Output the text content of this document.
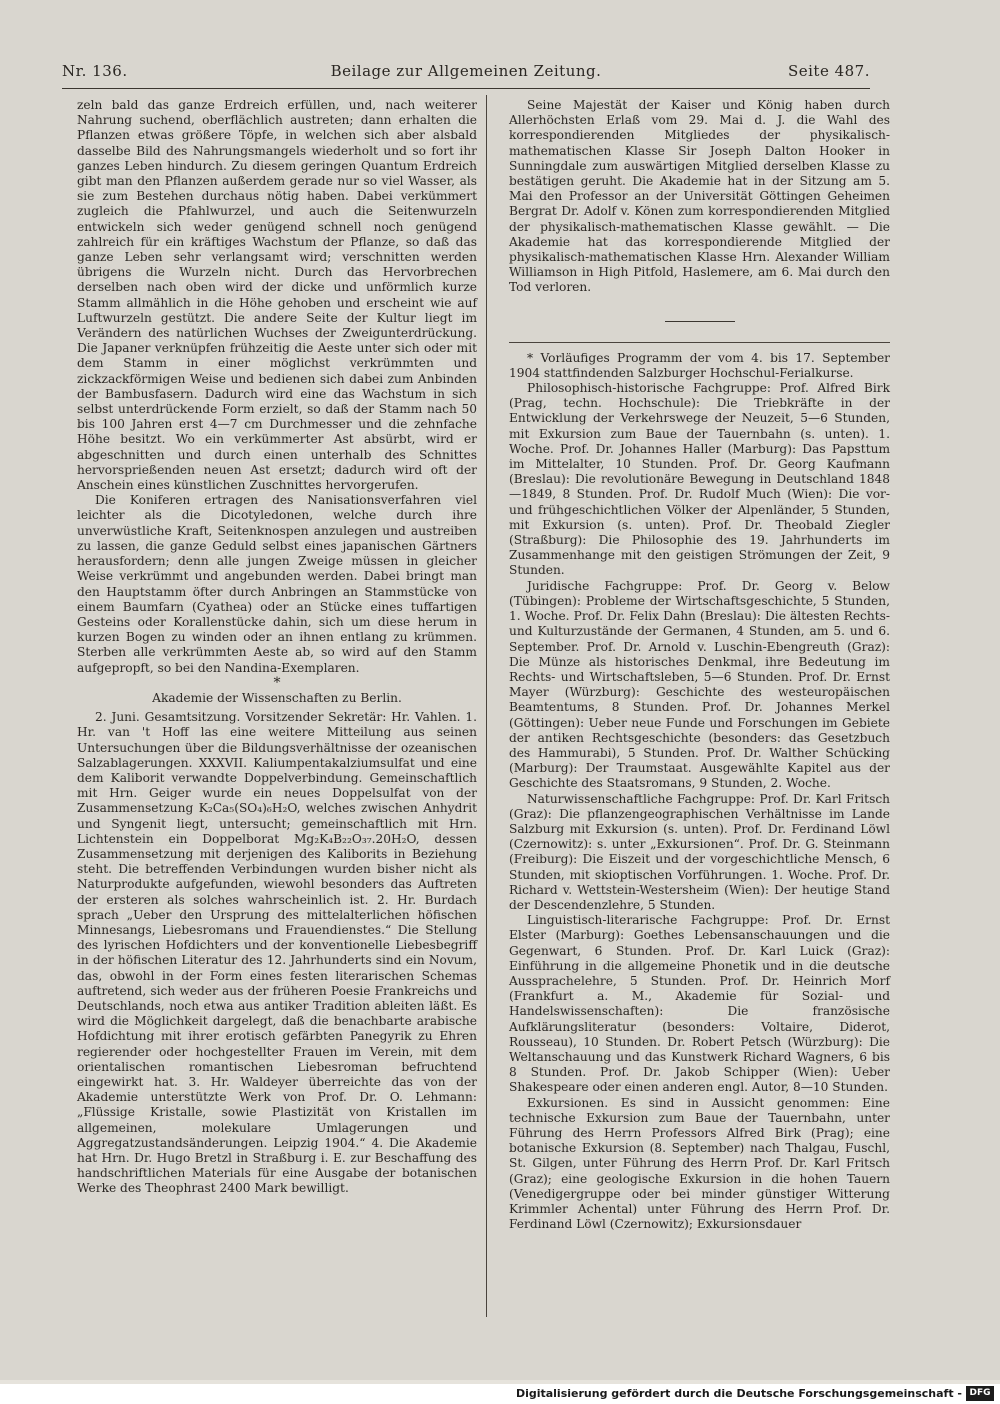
Nr. 136.	Beilage zur Allgemeinen Zeitung.	Seite 487.

zeln bald das ganze Erdreich erfüllen, und, nach weiterer Nahrung suchend, oberflächlich austreten; dann erhalten die Pflanzen etwas größere Töpfe, in welchen sich aber alsbald dasselbe Bild des Nahrungsmangels wiederholt und so fort ihr ganzes Leben hindurch. Zu diesem geringen Quantum Erdreich gibt man den Pflanzen außerdem gerade nur so viel Wasser, als sie zum Bestehen durchaus nötig haben. Dabei verkümmert zugleich die Pfahlwurzel, und auch die Seitenwurzeln entwickeln sich weder genügend schnell noch genügend zahlreich für ein kräftiges Wachstum der Pflanze, so daß das ganze Leben sehr verlangsamt wird; verschnitten werden übrigens die Wurzeln nicht. Durch das Hervorbrechen derselben nach oben wird der dicke und unförmlich kurze Stamm allmählich in die Höhe gehoben und erscheint wie auf Luftwurzeln gestützt. Die andere Seite der Kultur liegt im Verändern des natürlichen Wuchses der Zweigunterdrückung. Die Japaner verknüpfen frühzeitig die Aeste unter sich oder mit dem Stamm in einer möglichst verkrümmten und zickzackförmigen Weise und bedienen sich dabei zum Anbinden der Bambusfasern. Dadurch wird eine das Wachstum in sich selbst unterdrückende Form erzielt, so daß der Stamm nach 50 bis 100 Jahren erst 4—7 cm Durchmesser und die zehnfache Höhe besitzt. Wo ein verkümmerter Ast absürbt, wird er abgeschnitten und durch einen unterhalb des Schnittes hervorsprießenden neuen Ast ersetzt; dadurch wird oft der Anschein eines künstlichen Zuschnittes hervorgerufen.

Die Koniferen ertragen des Nanisationsverfahren viel leichter als die Dicotyledonen, welche durch ihre unverwüstliche Kraft, Seitenknospen anzulegen und austreiben zu lassen, die ganze Geduld selbst eines japanischen Gärtners herausfordern; denn alle jungen Zweige müssen in gleicher Weise verkrümmt und angebunden werden. Dabei bringt man den Hauptstamm öfter durch Anbringen an Stammstücke von einem Baumfarn (Cyathea) oder an Stücke eines tuffartigen Gesteins oder Korallenstücke dahin, sich um diese herum in kurzen Bogen zu winden oder an ihnen entlang zu krümmen. Sterben alle verkrümmten Aeste ab, so wird auf den Stamm aufgepropft, so bei den Nandina-Exemplaren.

*

Akademie der Wissenschaften zu Berlin.

2. Juni. Gesamtsitzung. Vorsitzender Sekretär: Hr. Vahlen. 1. Hr. van 't Hoff las eine weitere Mitteilung aus seinen Untersuchungen über die Bildungsverhältnisse der ozeanischen Salzablagerungen. XXXVII. Kaliumpentakalziumsulfat und eine dem Kaliborit verwandte Doppelverbindung. Gemeinschaftlich mit Hrn. Geiger wurde ein neues Doppelsulfat von der Zusammensetzung K₂Ca₅(SO₄)₆H₂O, welches zwischen Anhydrit und Syngenit liegt, untersucht; gemeinschaftlich mit Hrn. Lichtenstein ein Doppelborat Mg₂K₄B₂₂O₃₇.20H₂O, dessen Zusammensetzung mit derjenigen des Kaliborits in Beziehung steht. Die betreffenden Verbindungen wurden bisher nicht als Naturprodukte aufgefunden, wiewohl besonders das Auftreten der ersteren als solches wahrscheinlich ist. 2. Hr. Burdach sprach „Ueber den Ursprung des mittelalterlichen höfischen Minnesangs, Liebesromans und Frauendienstes.“ Die Stellung des lyrischen Hofdichters und der konventionelle Liebesbegriff in der höfischen Literatur des 12. Jahrhunderts sind ein Novum, das, obwohl in der Form eines festen literarischen Schemas auftretend, sich weder aus der früheren Poesie Frankreichs und Deutschlands, noch etwa aus antiker Tradition ableiten läßt. Es wird die Möglichkeit dargelegt, daß die benachbarte arabische Hofdichtung mit ihrer erotisch gefärbten Panegyrik zu Ehren regierender oder hochgestellter Frauen im Verein, mit dem orientalischen romantischen Liebesroman befruchtend eingewirkt hat. 3. Hr. Waldeyer überreichte das von der Akademie unterstützte Werk von Prof. Dr. O. Lehmann: „Flüssige Kristalle, sowie Plastizität von Kristallen im allgemeinen, molekulare Umlagerungen und Aggregatzustandsänderungen. Leipzig 1904.“ 4. Die Akademie hat Hrn. Dr. Hugo Bretzl in Straßburg i. E. zur Beschaffung des handschriftlichen Materials für eine Ausgabe der botanischen Werke des Theophrast 2400 Mark bewilligt.

Seine Majestät der Kaiser und König haben durch Allerhöchsten Erlaß vom 29. Mai d. J. die Wahl des korrespondierenden Mitgliedes der physikalisch-mathematischen Klasse Sir Joseph Dalton Hooker in Sunningdale zum auswärtigen Mitglied derselben Klasse zu bestätigen geruht. Die Akademie hat in der Sitzung am 5. Mai den Professor an der Universität Göttingen Geheimen Bergrat Dr. Adolf v. Könen zum korrespondierenden Mitglied der physikalisch-mathematischen Klasse gewählt. — Die Akademie hat das korrespondierende Mitglied der physikalisch-mathematischen Klasse Hrn. Alexander William Williamson in High Pitfold, Haslemere, am 6. Mai durch den Tod verloren.

* Vorläufiges Programm der vom 4. bis 17. September 1904 stattfindenden Salzburger Hochschul-Ferialkurse.

Philosophisch-historische Fachgruppe: Prof. Alfred Birk (Prag, techn. Hochschule): Die Triebkräfte in der Entwicklung der Verkehrswege der Neuzeit, 5—6 Stunden, mit Exkursion zum Baue der Tauernbahn (s. unten). 1. Woche. Prof. Dr. Johannes Haller (Marburg): Das Papsttum im Mittelalter, 10 Stunden. Prof. Dr. Georg Kaufmann (Breslau): Die revolutionäre Bewegung in Deutschland 1848—1849, 8 Stunden. Prof. Dr. Rudolf Much (Wien): Die vor- und frühgeschichtlichen Völker der Alpenländer, 5 Stunden, mit Exkursion (s. unten). Prof. Dr. Theobald Ziegler (Straßburg): Die Philosophie des 19. Jahrhunderts im Zusammenhange mit den geistigen Strömungen der Zeit, 9 Stunden.

Juridische Fachgruppe: Prof. Dr. Georg v. Below (Tübingen): Probleme der Wirtschaftsgeschichte, 5 Stunden, 1. Woche. Prof. Dr. Felix Dahn (Breslau): Die ältesten Rechts- und Kulturzustände der Germanen, 4 Stunden, am 5. und 6. September. Prof. Dr. Arnold v. Luschin-Ebengreuth (Graz): Die Münze als historisches Denkmal, ihre Bedeutung im Rechts- und Wirtschaftsleben, 5—6 Stunden. Prof. Dr. Ernst Mayer (Würzburg): Geschichte des westeuropäischen Beamtentums, 8 Stunden. Prof. Dr. Johannes Merkel (Göttingen): Ueber neue Funde und Forschungen im Gebiete der antiken Rechtsgeschichte (besonders: das Gesetzbuch des Hammurabi), 5 Stunden. Prof. Dr. Walther Schücking (Marburg): Der Traumstaat. Ausgewählte Kapitel aus der Geschichte des Staatsromans, 9 Stunden, 2. Woche.

Naturwissenschaftliche Fachgruppe: Prof. Dr. Karl Fritsch (Graz): Die pflanzengeographischen Verhältnisse im Lande Salzburg mit Exkursion (s. unten). Prof. Dr. Ferdinand Löwl (Czernowitz): s. unter „Exkursionen“. Prof. Dr. G. Steinmann (Freiburg): Die Eiszeit und der vorgeschichtliche Mensch, 6 Stunden, mit skioptischen Vorführungen. 1. Woche. Prof. Dr. Richard v. Wettstein-Westersheim (Wien): Der heutige Stand der Descendenzlehre, 5 Stunden.

Linguistisch-literarische Fachgruppe: Prof. Dr. Ernst Elster (Marburg): Goethes Lebensanschauungen und die Gegenwart, 6 Stunden. Prof. Dr. Karl Luick (Graz): Einführung in die allgemeine Phonetik und in die deutsche Aussprachelehre, 5 Stunden. Prof. Dr. Heinrich Morf (Frankfurt a. M., Akademie für Sozial- und Handelswissenschaften): Die französische Aufklärungsliteratur (besonders: Voltaire, Diderot, Rousseau), 10 Stunden. Dr. Robert Petsch (Würzburg): Die Weltanschauung und das Kunstwerk Richard Wagners, 6 bis 8 Stunden. Prof. Dr. Jakob Schipper (Wien): Ueber Shakespeare oder einen anderen engl. Autor, 8—10 Stunden.

Exkursionen. Es sind in Aussicht genommen: Eine technische Exkursion zum Baue der Tauernbahn, unter Führung des Herrn Professors Alfred Birk (Prag); eine botanische Exkursion (8. September) nach Thalgau, Fuschl, St. Gilgen, unter Führung des Herrn Prof. Dr. Karl Fritsch (Graz); eine geologische Exkursion in die hohen Tauern (Venedigergruppe oder bei minder günstiger Witterung Krimmler Achental) unter Führung des Herrn Prof. Dr. Ferdinand Löwl (Czernowitz); Exkursionsdauer

Digitalisierung gefördert durch die Deutsche Forschungsgemeinschaft - DFG
